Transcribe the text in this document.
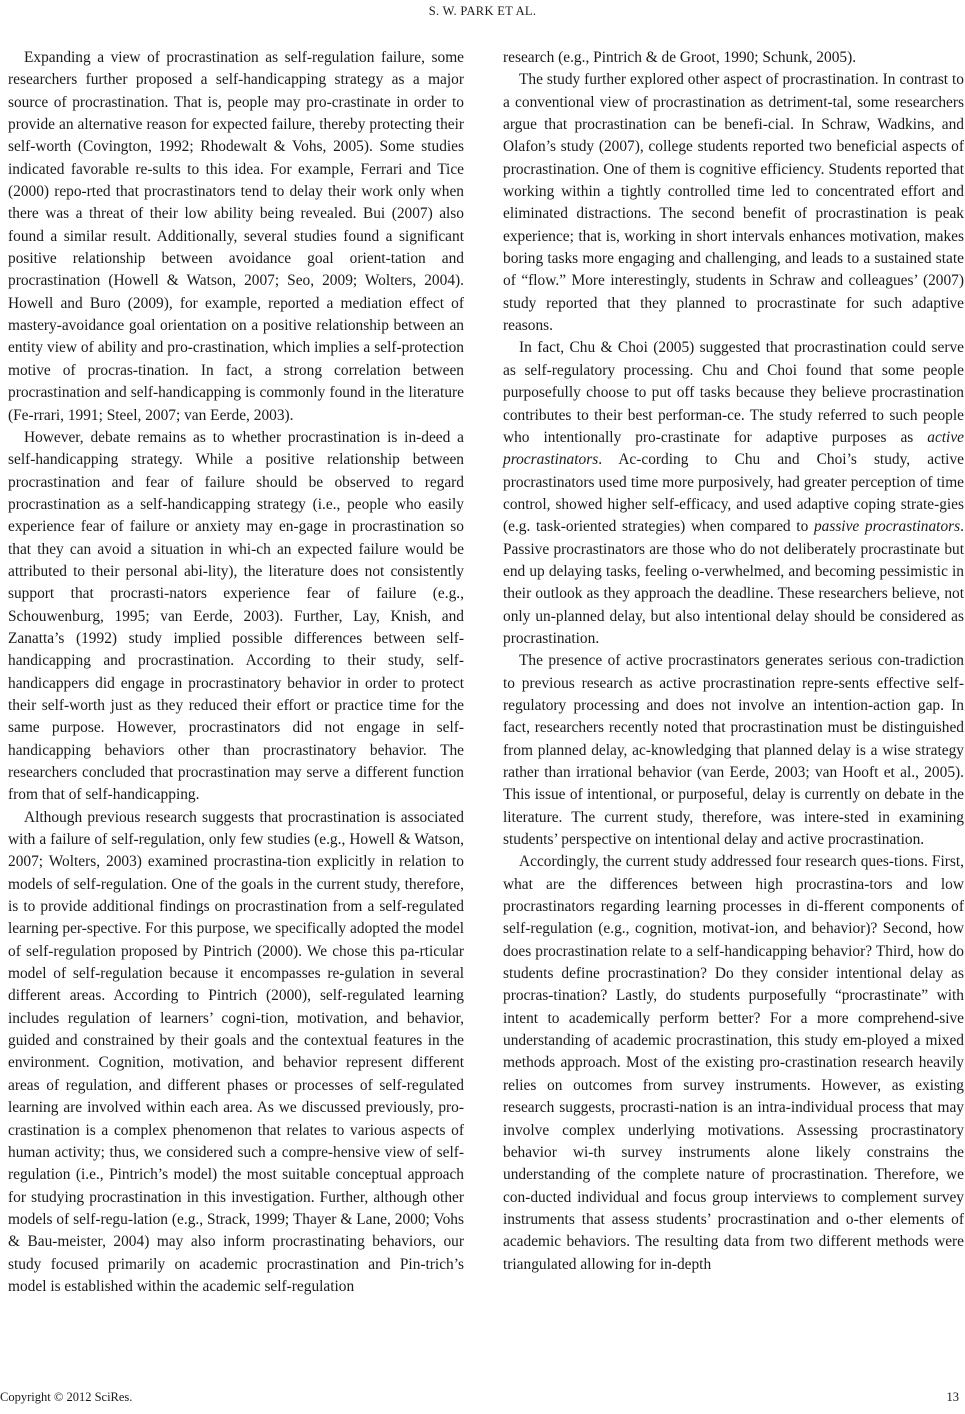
S. W. PARK ET AL.

Expanding a view of procrastination as self-regulation failure, some researchers further proposed a self-handicapping strategy as a major source of procrastination. That is, people may pro-crastinate in order to provide an alternative reason for expected failure, thereby protecting their self-worth (Covington, 1992; Rhodewalt & Vohs, 2005). Some studies indicated favorable re-sults to this idea. For example, Ferrari and Tice (2000) repo-rted that procrastinators tend to delay their work only when there was a threat of their low ability being revealed. Bui (2007) also found a similar result. Additionally, several studies found a significant positive relationship between avoidance goal orient-tation and procrastination (Howell & Watson, 2007; Seo, 2009; Wolters, 2004). Howell and Buro (2009), for example, reported a mediation effect of mastery-avoidance goal orientation on a positive relationship between an entity view of ability and pro-crastination, which implies a self-protection motive of procras-tination. In fact, a strong correlation between procrastination and self-handicapping is commonly found in the literature (Fe-rrari, 1991; Steel, 2007; van Eerde, 2003).

However, debate remains as to whether procrastination is in-deed a self-handicapping strategy. While a positive relationship between procrastination and fear of failure should be observed to regard procrastination as a self-handicapping strategy (i.e., people who easily experience fear of failure or anxiety may en-gage in procrastination so that they can avoid a situation in whi-ch an expected failure would be attributed to their personal abi-lity), the literature does not consistently support that procrasti-nators experience fear of failure (e.g., Schouwenburg, 1995; van Eerde, 2003). Further, Lay, Knish, and Zanatta’s (1992) study implied possible differences between self-handicapping and procrastination. According to their study, self-handicappers did engage in procrastinatory behavior in order to protect their self-worth just as they reduced their effort or practice time for the same purpose. However, procrastinators did not engage in self-handicapping behaviors other than procrastinatory behavior. The researchers concluded that procrastination may serve a different function from that of self-handicapping.

Although previous research suggests that procrastination is associated with a failure of self-regulation, only few studies (e.g., Howell & Watson, 2007; Wolters, 2003) examined procrastina-tion explicitly in relation to models of self-regulation. One of the goals in the current study, therefore, is to provide additional findings on procrastination from a self-regulated learning per-spective. For this purpose, we specifically adopted the model of self-regulation proposed by Pintrich (2000). We chose this pa-rticular model of self-regulation because it encompasses re-gulation in several different areas. According to Pintrich (2000), self-regulated learning includes regulation of learners’ cogni-tion, motivation, and behavior, guided and constrained by their goals and the contextual features in the environment. Cognition, motivation, and behavior represent different areas of regulation, and different phases or processes of self-regulated learning are involved within each area. As we discussed previously, pro-crastination is a complex phenomenon that relates to various aspects of human activity; thus, we considered such a compre-hensive view of self-regulation (i.e., Pintrich’s model) the most suitable conceptual approach for studying procrastination in this investigation. Further, although other models of self-regu-lation (e.g., Strack, 1999; Thayer & Lane, 2000; Vohs & Bau-meister, 2004) may also inform procrastinating behaviors, our study focused primarily on academic procrastination and Pin-trich’s model is established within the academic self-regulation

research (e.g., Pintrich & de Groot, 1990; Schunk, 2005).

The study further explored other aspect of procrastination. In contrast to a conventional view of procrastination as detriment-tal, some researchers argue that procrastination can be benefi-cial. In Schraw, Wadkins, and Olafon’s study (2007), college students reported two beneficial aspects of procrastination. One of them is cognitive efficiency. Students reported that working within a tightly controlled time led to concentrated effort and eliminated distractions. The second benefit of procrastination is peak experience; that is, working in short intervals enhances motivation, makes boring tasks more engaging and challenging, and leads to a sustained state of “flow.” More interestingly, students in Schraw and colleagues’ (2007) study reported that they planned to procrastinate for such adaptive reasons.

In fact, Chu & Choi (2005) suggested that procrastination could serve as self-regulatory processing. Chu and Choi found that some people purposefully choose to put off tasks because they believe procrastination contributes to their best performan-ce. The study referred to such people who intentionally pro-crastinate for adaptive purposes as active procrastinators. Ac-cording to Chu and Choi’s study, active procrastinators used time more purposively, had greater perception of time control, showed higher self-efficacy, and used adaptive coping strate-gies (e.g. task-oriented strategies) when compared to passive procrastinators. Passive procrastinators are those who do not deliberately procrastinate but end up delaying tasks, feeling o-verwhelmed, and becoming pessimistic in their outlook as they approach the deadline. These researchers believe, not only un-planned delay, but also intentional delay should be considered as procrastination.

The presence of active procrastinators generates serious con-tradiction to previous research as active procrastination repre-sents effective self-regulatory processing and does not involve an intention-action gap. In fact, researchers recently noted that procrastination must be distinguished from planned delay, ac-knowledging that planned delay is a wise strategy rather than irrational behavior (van Eerde, 2003; van Hooft et al., 2005). This issue of intentional, or purposeful, delay is currently on debate in the literature. The current study, therefore, was intere-sted in examining students’ perspective on intentional delay and active procrastination.

Accordingly, the current study addressed four research ques-tions. First, what are the differences between high procrastina-tors and low procrastinators regarding learning processes in di-fferent components of self-regulation (e.g., cognition, motivat-ion, and behavior)? Second, how does procrastination relate to a self-handicapping behavior? Third, how do students define procrastination? Do they consider intentional delay as procras-tination? Lastly, do students purposefully “procrastinate” with intent to academically perform better? For a more comprehend-sive understanding of academic procrastination, this study em-ployed a mixed methods approach. Most of the existing pro-crastination research heavily relies on outcomes from survey instruments. However, as existing research suggests, procrasti-nation is an intra-individual process that may involve complex underlying motivations. Assessing procrastinatory behavior wi-th survey instruments alone likely constrains the understanding of the complete nature of procrastination. Therefore, we con-ducted individual and focus group interviews to complement survey instruments that assess students’ procrastination and o-ther elements of academic behaviors. The resulting data from two different methods were triangulated allowing for in-depth

Copyright © 2012 SciRes.	13
